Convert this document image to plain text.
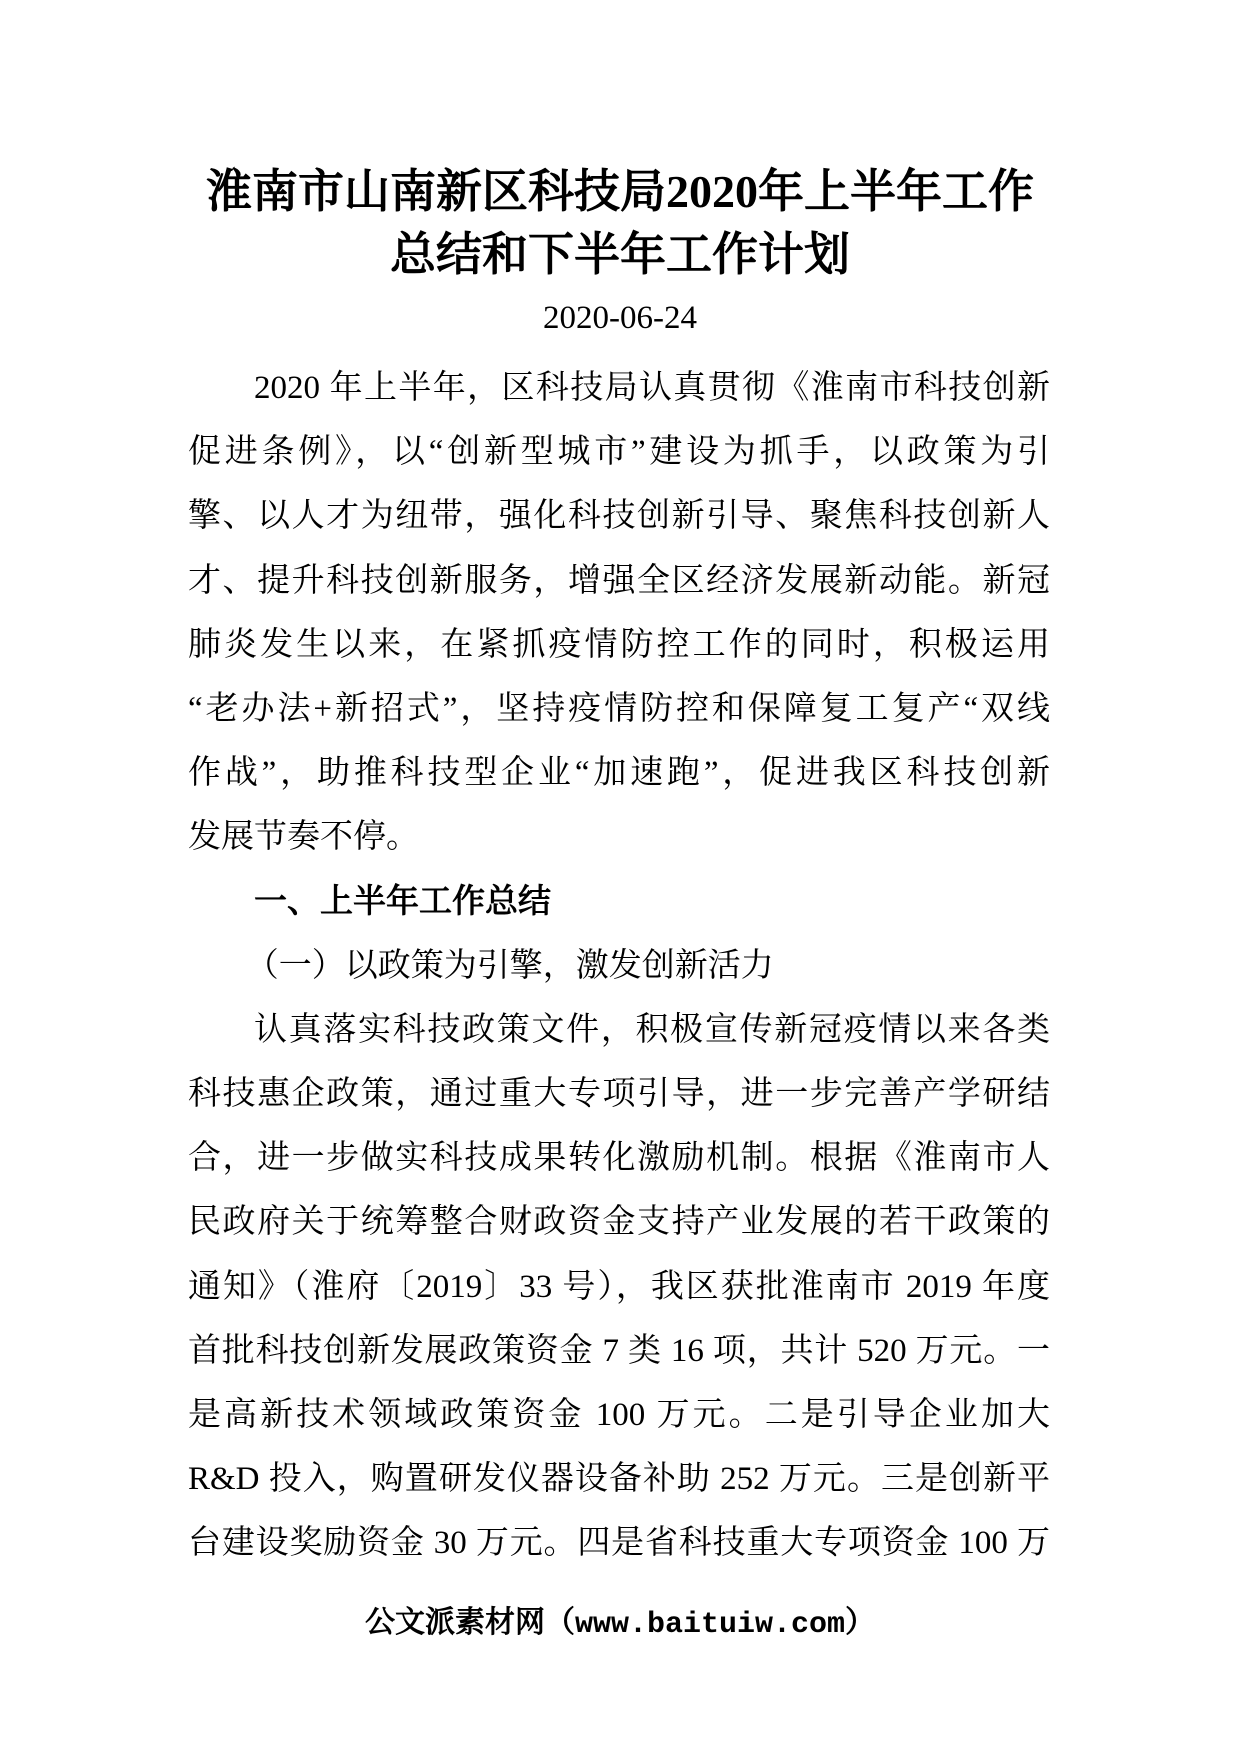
淮南市山南新区科技局2020年上半年工作
总结和下半年工作计划
2020-06-24
2020 年上半年，区科技局认真贯彻《淮南市科技创新
促进条例》，以“创新型城市”建设为抓手，以政策为引
擎、以人才为纽带，强化科技创新引导、聚焦科技创新人
才、提升科技创新服务，增强全区经济发展新动能。新冠
肺炎发生以来，在紧抓疫情防控工作的同时，积极运用
“老办法+新招式”，坚持疫情防控和保障复工复产“双线
作战”，助推科技型企业“加速跑”，促进我区科技创新
发展节奏不停。
一、上半年工作总结
（一）以政策为引擎，激发创新活力
认真落实科技政策文件，积极宣传新冠疫情以来各类
科技惠企政策，通过重大专项引导，进一步完善产学研结
合，进一步做实科技成果转化激励机制。根据《淮南市人
民政府关于统筹整合财政资金支持产业发展的若干政策的
通知》（淮府〔2019〕33 号），我区获批淮南市 2019 年度
首批科技创新发展政策资金 7 类 16 项，共计 520 万元。一
是高新技术领域政策资金 100 万元。二是引导企业加大
R&D 投入，购置研发仪器设备补助 252 万元。三是创新平
台建设奖励资金 30 万元。四是省科技重大专项资金 100 万
公文派素材网（www.baituiw.com）
